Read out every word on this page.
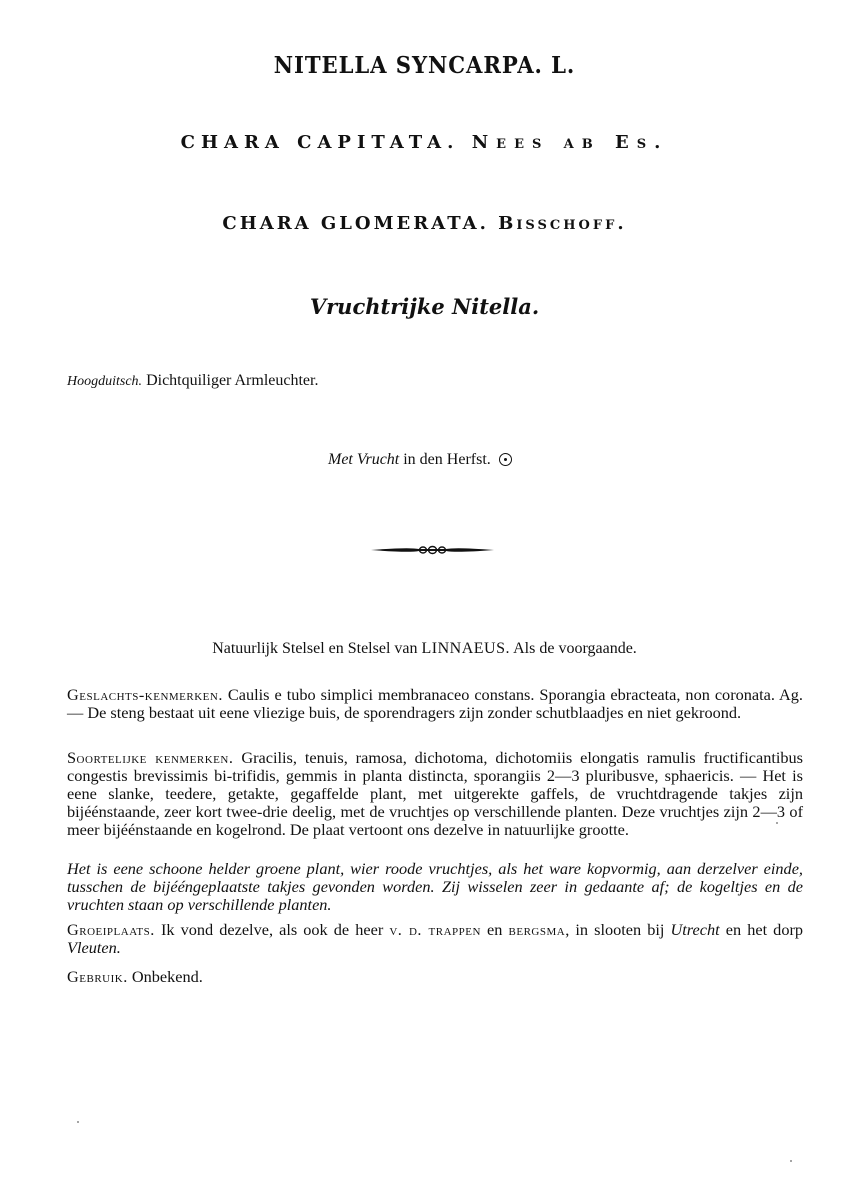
NITELLA SYNCARPA. L.
CHARA CAPITATA. Nees ab Es.
CHARA GLOMERATA. Bisschoff.
Vruchtrijke Nitella.
Hoogduitsch. Dichtquiliger Armleuchter.
Met Vrucht in den Herfst.
Natuurlijk Stelsel en Stelsel van LINNAEUS. Als de voorgaande.
Geslachts-kenmerken. Caulis e tubo simplici membranaceo constans. Sporangia ebracteata, non coronata. Ag. — De steng bestaat uit eene vliezige buis, de sporendragers zijn zonder schutblaadjes en niet gekroond.
Soortelijke kenmerken. Gracilis, tenuis, ramosa, dichotoma, dichotomiis elongatis ramulis fructificantibus congestis brevissimis bi-trifidis, gemmis in planta distincta, sporangiis 2—3 pluribusve, sphaericis. — Het is eene slanke, teedere, getakte, gegaffelde plant, met uitgerekte gaffels, de vruchtdragende takjes zijn bijéénstaande, zeer kort twee-drie deelig, met de vruchtjes op verschillende planten. Deze vruchtjes zijn 2—3 of meer bijéénstaande en kogelrond. De plaat vertoont ons dezelve in natuurlijke grootte.
Het is eene schoone helder groene plant, wier roode vruchtjes, als het ware kopvormig, aan derzelver einde, tusschen de bijééngeplaatste takjes gevonden worden. Zij wisselen zeer in gedaante af; de kogeltjes en de vruchten staan op verschillende planten.
Groeiplaats. Ik vond dezelve, als ook de heer v. d. trappen en bergsma, in slooten bij Utrecht en het dorp Vleuten.
Gebruik. Onbekend.
